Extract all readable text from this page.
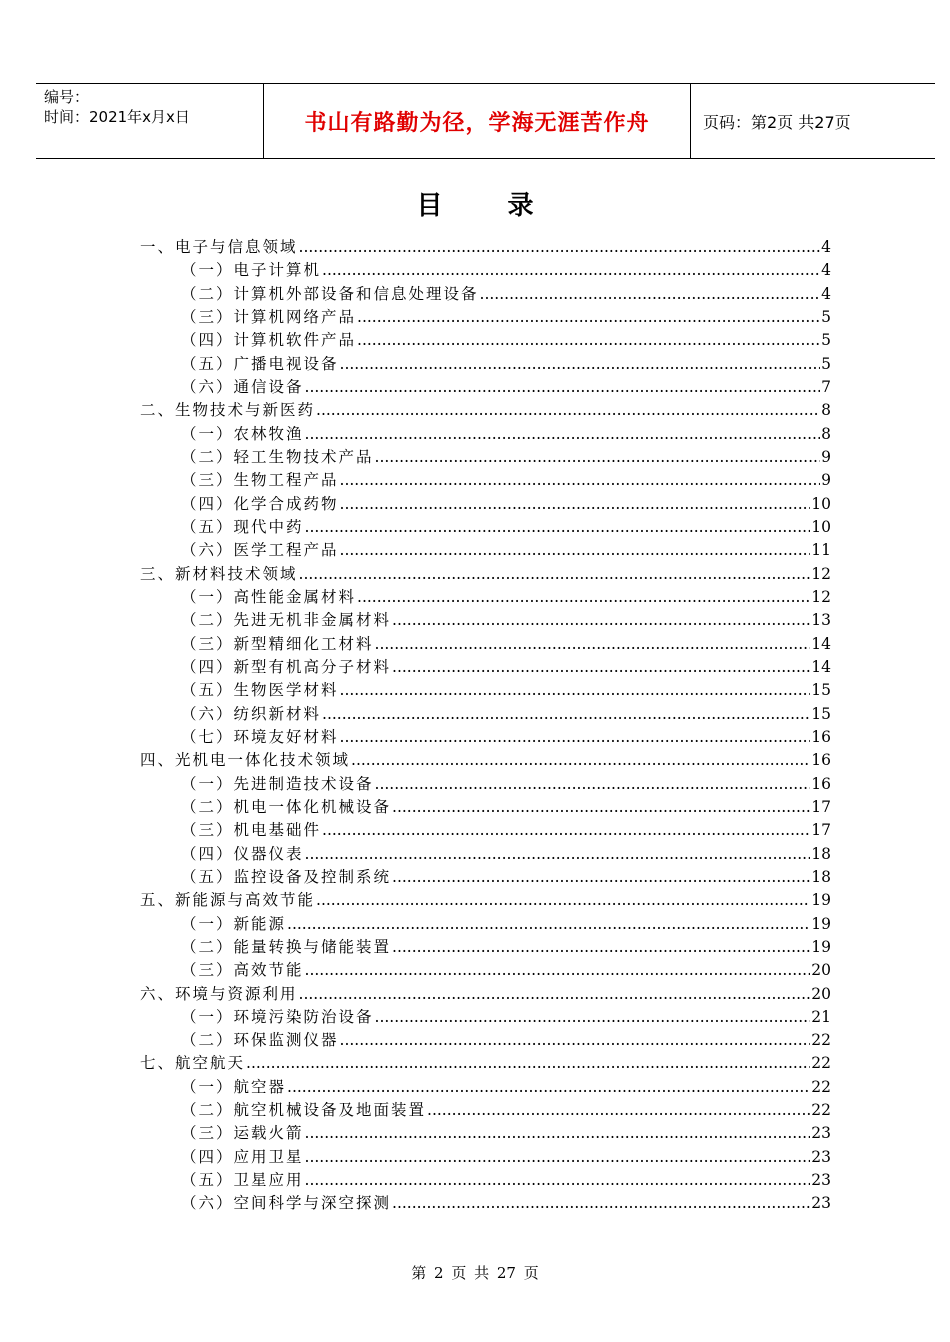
编号：
时间：2021年x月x日	书山有路勤为径，学海无涯苦作舟	页码：第2页 共27页
目 录
一、电子与信息领域 .....	4
（一）电子计算机 .....	4
（二）计算机外部设备和信息处理设备 .....	4
（三）计算机网络产品 .....	5
（四）计算机软件产品 .....	5
（五）广播电视设备 .....	5
（六）通信设备 .....	7
二、生物技术与新医药 .....	8
（一）农林牧渔 .....	8
（二）轻工生物技术产品 .....	9
（三）生物工程产品 .....	9
（四）化学合成药物 .....	10
（五）现代中药 .....	10
（六）医学工程产品 .....	11
三、新材料技术领域 .....	12
（一）高性能金属材料 .....	12
（二）先进无机非金属材料 .....	13
（三）新型精细化工材料 .....	14
（四）新型有机高分子材料 .....	14
（五）生物医学材料 .....	15
（六）纺织新材料 .....	15
（七）环境友好材料 .....	16
四、光机电一体化技术领域 .....	16
（一）先进制造技术设备 .....	16
（二）机电一体化机械设备 .....	17
（三）机电基础件 .....	17
（四）仪器仪表 .....	18
（五）监控设备及控制系统 .....	18
五、新能源与高效节能 .....	19
（一）新能源 .....	19
（二）能量转换与储能装置 .....	19
（三）高效节能 .....	20
六、环境与资源利用 .....	20
（一）环境污染防治设备 .....	21
（二）环保监测仪器 .....	22
七、航空航天 .....	22
（一）航空器 .....	22
（二）航空机械设备及地面装置 .....	22
（三）运载火箭 .....	23
（四）应用卫星 .....	23
（五）卫星应用 .....	23
（六）空间科学与深空探测 .....	23
第 2 页 共 27 页
